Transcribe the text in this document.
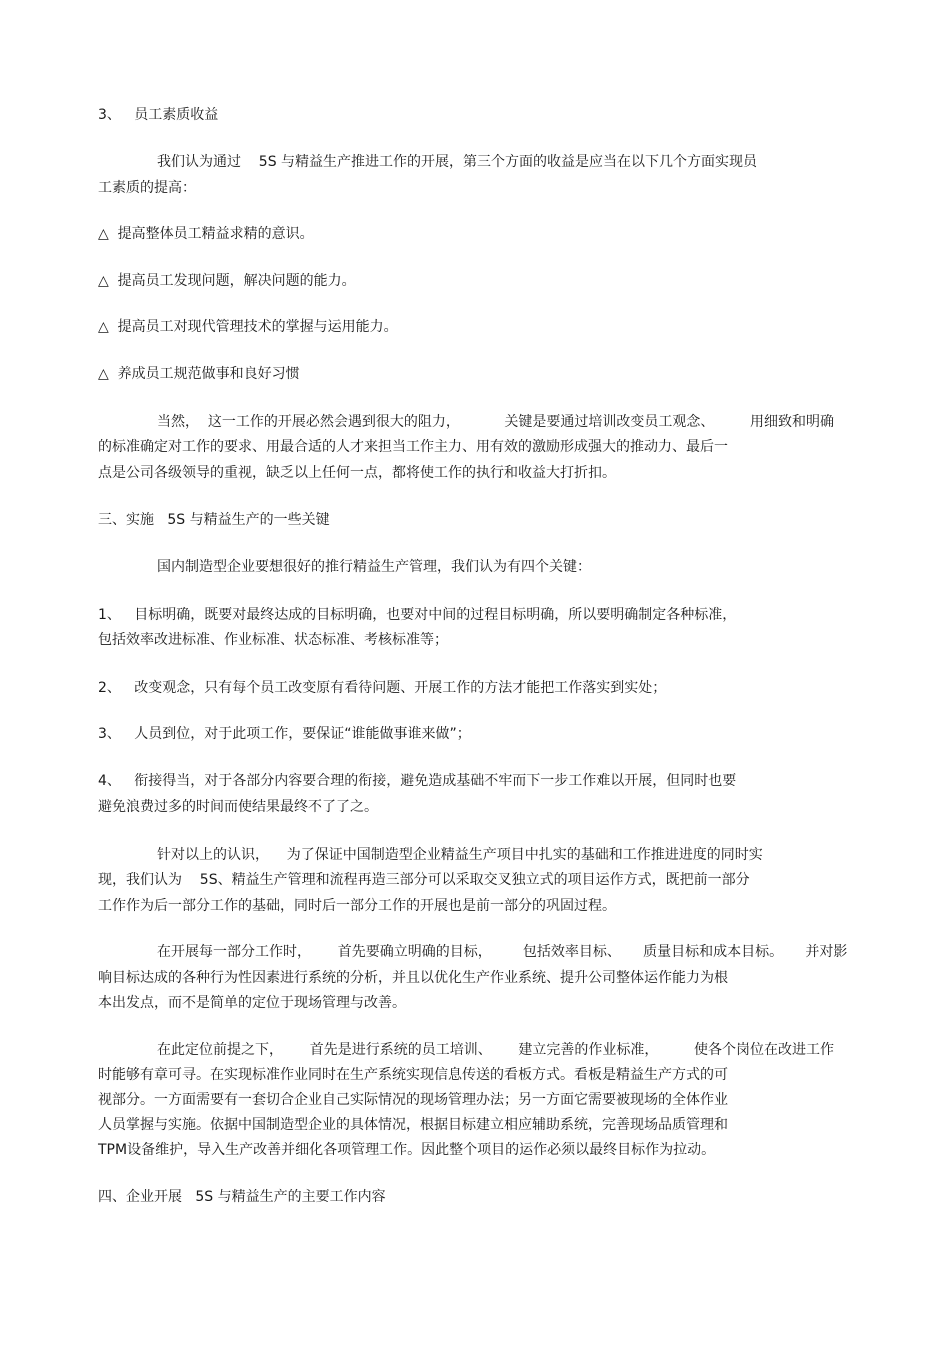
3、   员工素质收益
我们认为通过    5S 与精益生产推进工作的开展，第三个方面的收益是应当在以下几个方面实现员
工素质的提高：
△  提高整体员工精益求精的意识。
△  提高员工发现问题，解决问题的能力。
△  提高员工对现代管理技术的掌握与运用能力。
△  养成员工规范做事和良好习惯
当然，  这一工作的开展必然会遇到很大的阻力，          关键是要通过培训改变员工观念、        用细致和明确
的标准确定对工作的要求、用最合适的人才来担当工作主力、用有效的激励形成强大的推动力、最后一
点是公司各级领导的重视，缺乏以上任何一点，都将使工作的执行和收益大打折扣。
三、实施   5S 与精益生产的一些关键
国内制造型企业要想很好的推行精益生产管理，我们认为有四个关键：
1、   目标明确，既要对最终达成的目标明确，也要对中间的过程目标明确，所以要明确制定各种标准，
包括效率改进标准、作业标准、状态标准、考核标准等；
2、   改变观念，只有每个员工改变原有看待问题、开展工作的方法才能把工作落实到实处；
3、   人员到位，对于此项工作，要保证“谁能做事谁来做”；
4、   衔接得当，对于各部分内容要合理的衔接，避免造成基础不牢而下一步工作难以开展，但同时也要
避免浪费过多的时间而使结果最终不了了之。
针对以上的认识，    为了保证中国制造型企业精益生产项目中扎实的基础和工作推进进度的同时实
现，我们认为    5S、精益生产管理和流程再造三部分可以采取交叉独立式的项目运作方式，既把前一部分
工作作为后一部分工作的基础，同时后一部分工作的开展也是前一部分的巩固过程。
在开展每一部分工作时，      首先要确立明确的目标，       包括效率目标、     质量目标和成本目标。     并对影
响目标达成的各种行为性因素进行系统的分析，并且以优化生产作业系统、提升公司整体运作能力为根
本出发点，而不是简单的定位于现场管理与改善。
在此定位前提之下，      首先是进行系统的员工培训、      建立完善的作业标准，        使各个岗位在改进工作
时能够有章可寻。在实现标准作业同时在生产系统实现信息传送的看板方式。看板是精益生产方式的可
视部分。一方面需要有一套切合企业自己实际情况的现场管理办法；另一方面它需要被现场的全体作业
人员掌握与实施。依据中国制造型企业的具体情况，根据目标建立相应辅助系统，完善现场品质管理和
TPM设备维护，导入生产改善并细化各项管理工作。因此整个项目的运作必须以最终目标作为拉动。
四、企业开展   5S 与精益生产的主要工作内容
